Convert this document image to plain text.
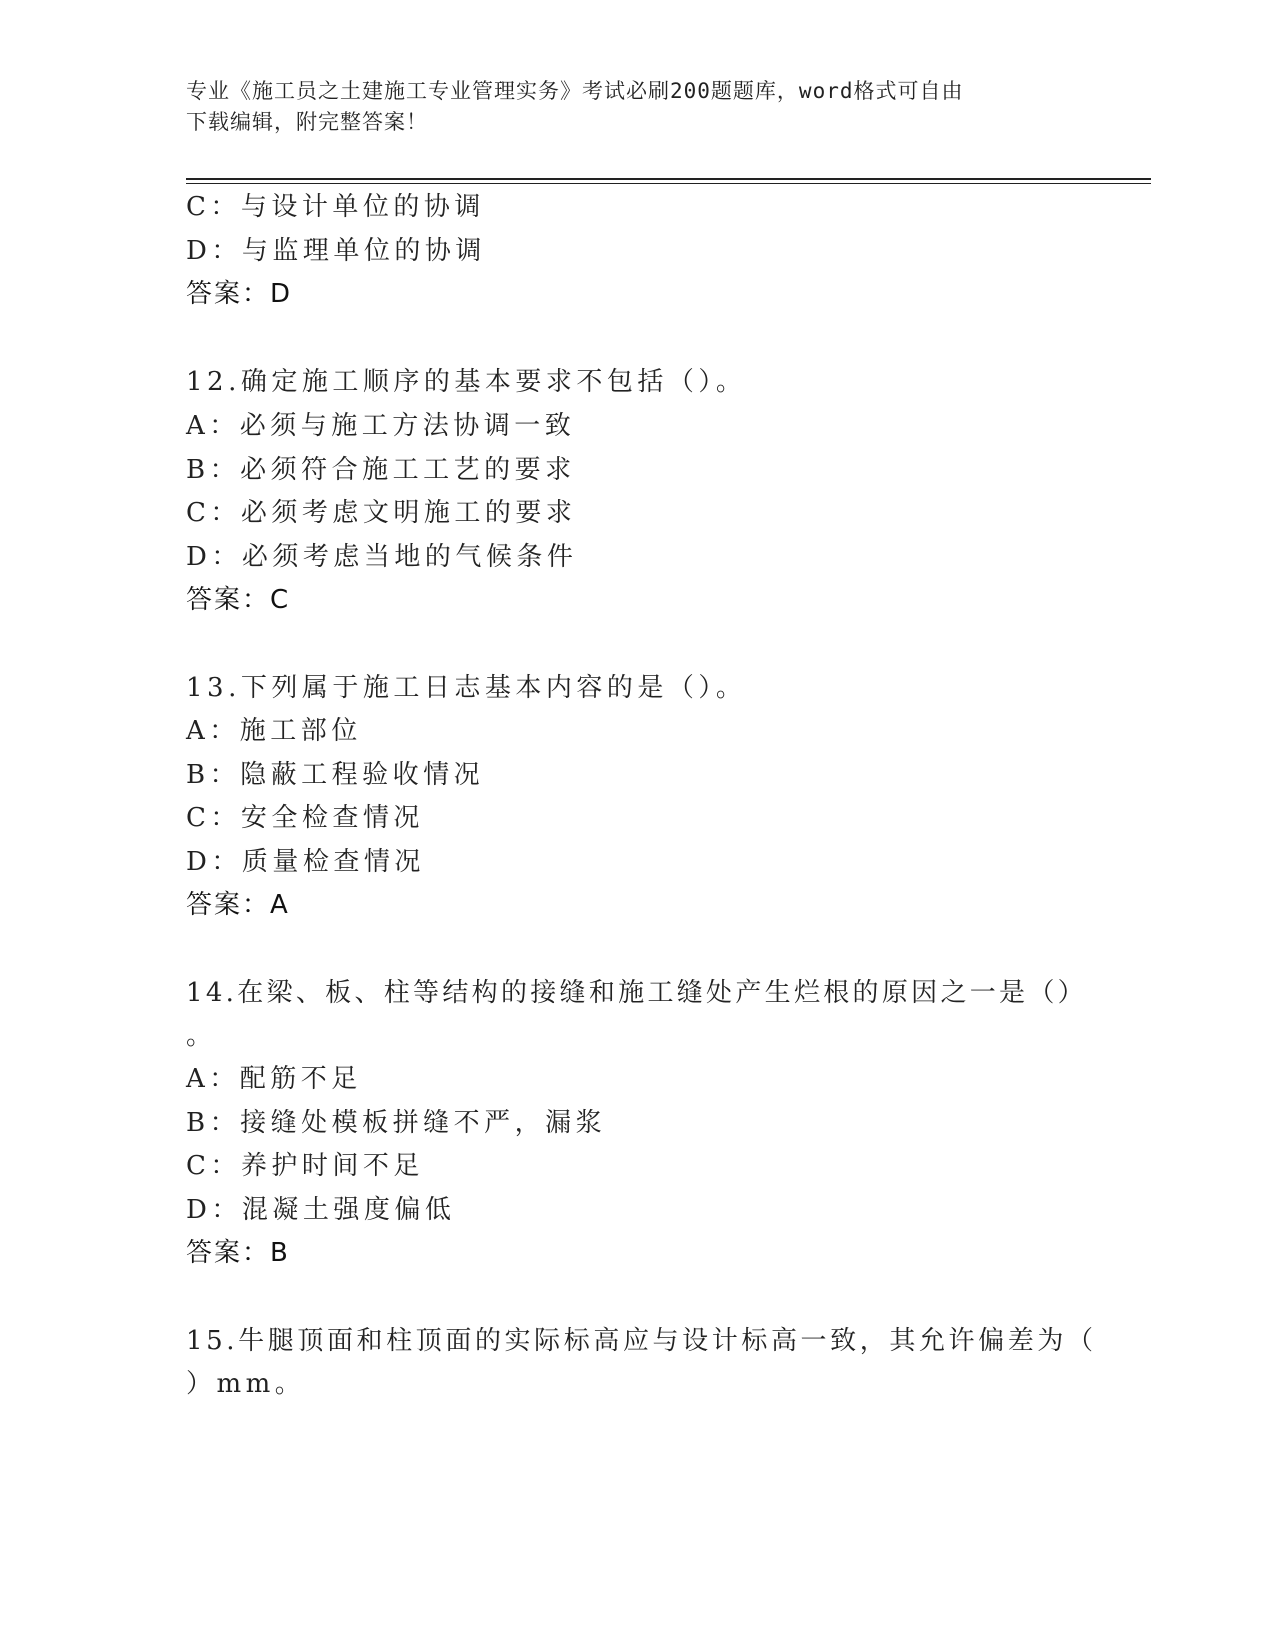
专业《施工员之土建施工专业管理实务》考试必刷200题题库，word格式可自由
下载编辑，附完整答案！
C：与设计单位的协调
D：与监理单位的协调
答案：D
12.确定施工顺序的基本要求不包括（）。
A：必须与施工方法协调一致
B：必须符合施工工艺的要求
C：必须考虑文明施工的要求
D：必须考虑当地的气候条件
答案：C
13.下列属于施工日志基本内容的是（）。
A：施工部位
B：隐蔽工程验收情况
C：安全检查情况
D：质量检查情况
答案：A
14.在梁、板、柱等结构的接缝和施工缝处产生烂根的原因之一是（）
。
A：配筋不足
B：接缝处模板拼缝不严，漏浆
C：养护时间不足
D：混凝土强度偏低
答案：B
15.牛腿顶面和柱顶面的实际标高应与设计标高一致，其允许偏差为（
）mm。
